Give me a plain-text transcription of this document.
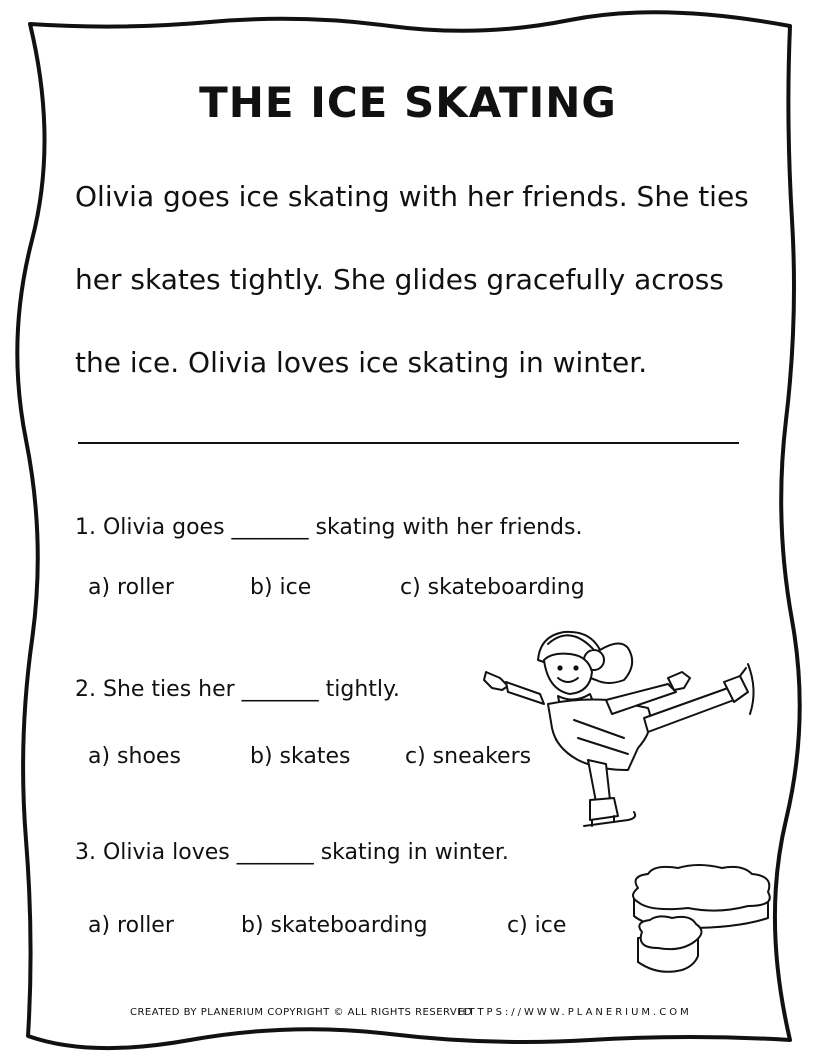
THE ICE SKATING
Olivia goes ice skating with her friends. She ties
her skates tightly. She glides gracefully across
the ice. Olivia loves ice skating in winter.
1. Olivia goes _______ skating with her friends.
a) roller	b) ice	c) skateboarding
2. She ties her _______ tightly.
a) shoes	b) skates c) sneakers
3. Olivia loves _______ skating in winter.
a) roller	b) skateboarding	c) ice
CREATED BY PLANERIUM COPYRIGHT © ALL RIGHTS RESERVED
HTTPS://WWW.PLANERIUM.COM
